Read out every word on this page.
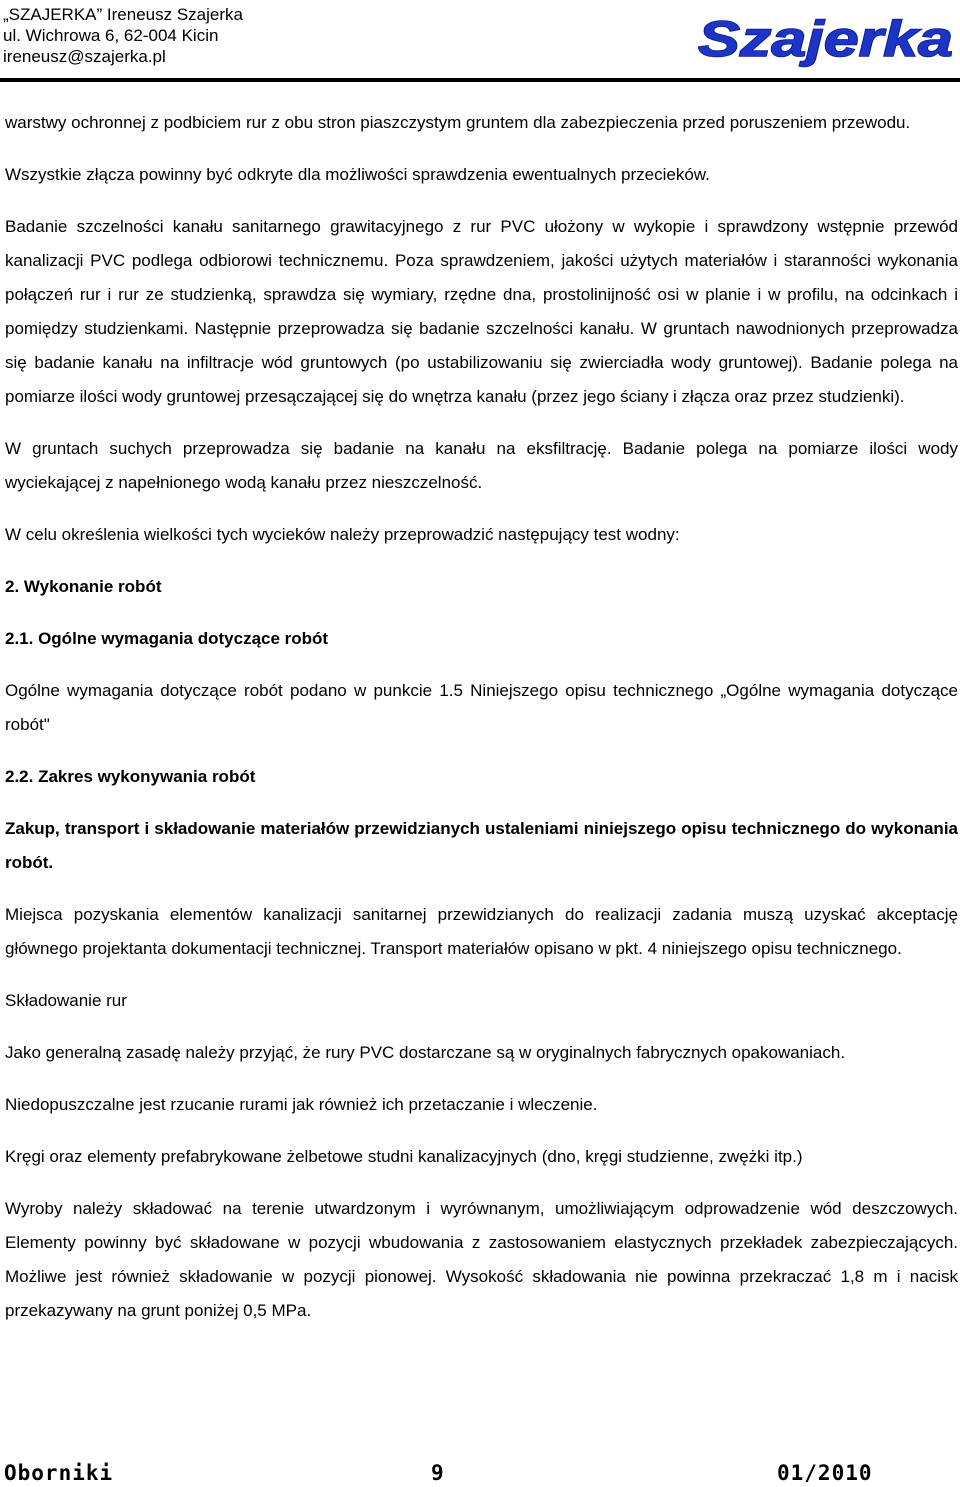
„SZAJERKA” Ireneusz Szajerka
ul. Wichrowa 6, 62-004 Kicin
ireneusz@szajerka.pl	Szajerka

warstwy ochronnej z podbiciem rur z obu stron piaszczystym gruntem dla zabezpieczenia przed poruszeniem przewodu.

Wszystkie złącza powinny być odkryte dla możliwości sprawdzenia ewentualnych przecieków.

Badanie szczelności kanału sanitarnego grawitacyjnego z rur PVC ułożony w wykopie i sprawdzony wstępnie przewód kanalizacji PVC podlega odbiorowi technicznemu. Poza sprawdzeniem, jakości użytych materiałów i staranności wykonania połączeń rur i rur ze studzienką, sprawdza się wymiary, rzędne dna, prostolinijność osi w planie i w profilu, na odcinkach i pomiędzy studzienkami. Następnie przeprowadza się badanie szczelności kanału. W gruntach nawodnionych przeprowadza się badanie kanału na infiltracje wód gruntowych (po ustabilizowaniu się zwierciadła wody gruntowej). Badanie polega na pomiarze ilości wody gruntowej przesączającej się do wnętrza kanału (przez jego ściany i złącza oraz przez studzienki).

W gruntach suchych przeprowadza się badanie na kanału na eksfiltrację. Badanie polega na pomiarze ilości wody wyciekającej z napełnionego wodą kanału przez nieszczelność.

W celu określenia wielkości tych wycieków należy przeprowadzić następujący test wodny:

2. Wykonanie robót

2.1. Ogólne wymagania dotyczące robót

Ogólne wymagania dotyczące robót podano w punkcie 1.5 Niniejszego opisu technicznego „Ogólne wymagania dotyczące robót"

2.2. Zakres wykonywania robót

Zakup, transport i składowanie materiałów przewidzianych ustaleniami niniejszego opisu technicznego do wykonania robót.

Miejsca pozyskania elementów kanalizacji sanitarnej przewidzianych do realizacji zadania muszą uzyskać akceptację głównego projektanta dokumentacji technicznej. Transport materiałów opisano w pkt. 4 niniejszego opisu technicznego.

Składowanie rur

Jako generalną zasadę należy przyjąć, że rury PVC dostarczane są w oryginalnych fabrycznych opakowaniach.

Niedopuszczalne jest rzucanie rurami jak również ich przetaczanie i wleczenie.

Kręgi oraz elementy prefabrykowane żelbetowe studni kanalizacyjnych (dno, kręgi studzienne, zwężki itp.)

Wyroby należy składować na terenie utwardzonym i wyrównanym, umożliwiającym odprowadzenie wód deszczowych. Elementy powinny być składowane w pozycji wbudowania z zastosowaniem elastycznych przekładek zabezpieczających. Możliwe jest również składowanie w pozycji pionowej. Wysokość składowania nie powinna przekraczać 1,8 m i nacisk przekazywany na grunt poniżej 0,5 MPa.

Oborniki	9	01/2010
